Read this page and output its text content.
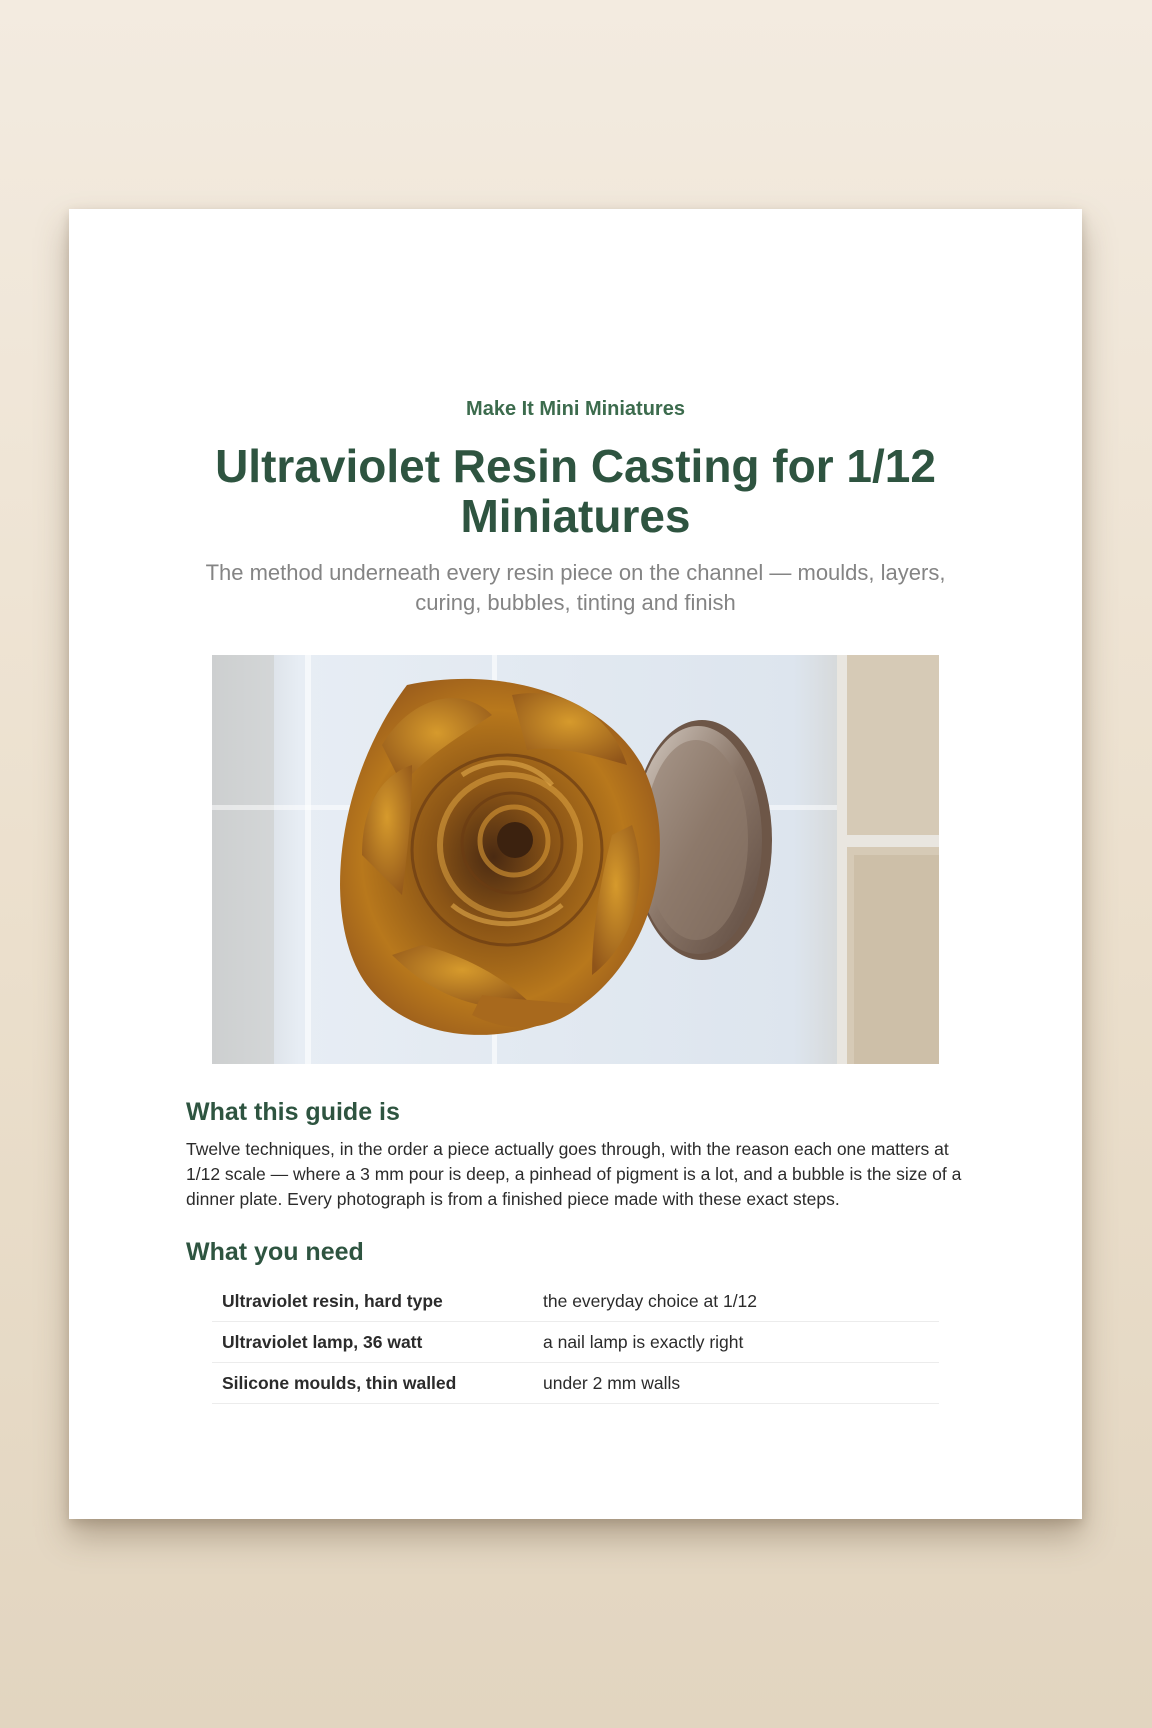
Make It Mini Miniatures
Ultraviolet Resin Casting for 1/12 Miniatures

The method underneath every resin piece on the channel — moulds, layers, curing, bubbles, tinting and finish

What this guide is

Twelve techniques, in the order a piece actually goes through, with the reason each one matters at 1/12 scale — where a 3 mm pour is deep, a pinhead of pigment is a lot, and a bubble is the size of a dinner plate. Every photograph is from a finished piece made with these exact steps.

What you need
Ultraviolet resin, hard type	the everyday choice at 1/12
Ultraviolet lamp, 36 watt	a nail lamp is exactly right
Silicone moulds, thin walled	under 2 mm walls
